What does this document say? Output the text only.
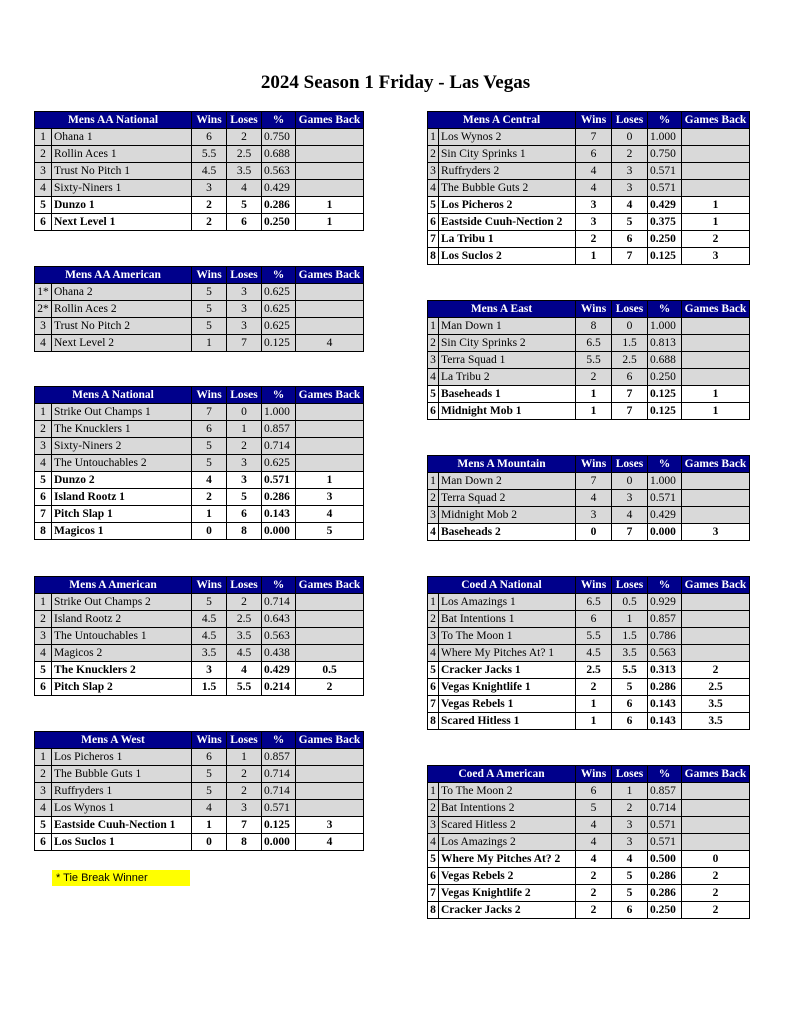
2024 Season 1 Friday - Las Vegas
Mens AA National		Wins	Loses	%	Games Back
1	Ohana 1	6	2	0.750	
2	Rollin Aces 1	5.5	2.5	0.688	
3	Trust No Pitch 1	4.5	3.5	0.563	
4	Sixty-Niners 1	3	4	0.429	
5	Dunzo 1	2	5	0.286	1
6	Next Level 1	2	6	0.250	1
Mens AA American		Wins	Loses	%	Games Back
1*	Ohana 2	5	3	0.625	
2*	Rollin Aces 2	5	3	0.625	
3	Trust No Pitch 2	5	3	0.625	
4	Next Level 2	1	7	0.125	4
Mens A National		Wins	Loses	%	Games Back
1	Strike Out Champs 1	7	0	1.000	
2	The Knucklers 1	6	1	0.857	
3	Sixty-Niners 2	5	2	0.714	
4	The Untouchables 2	5	3	0.625	
5	Dunzo 2	4	3	0.571	1
6	Island Rootz 1	2	5	0.286	3
7	Pitch Slap 1	1	6	0.143	4
8	Magicos 1	0	8	0.000	5
Mens A American		Wins	Loses	%	Games Back
1	Strike Out Champs 2	5	2	0.714	
2	Island Rootz 2	4.5	2.5	0.643	
3	The Untouchables 1	4.5	3.5	0.563	
4	Magicos 2	3.5	4.5	0.438	
5	The Knucklers 2	3	4	0.429	0.5
6	Pitch Slap 2	1.5	5.5	0.214	2
Mens A West		Wins	Loses	%	Games Back
1	Los Picheros 1	6	1	0.857	
2	The Bubble Guts 1	5	2	0.714	
3	Ruffryders 1	5	2	0.714	
4	Los Wynos 1	4	3	0.571	
5	Eastside Cuuh-Nection 1	1	7	0.125	3
6	Los Suclos 1	0	8	0.000	4
Mens A Central		Wins	Loses	%	Games Back
1	Los Wynos 2	7	0	1.000	
2	Sin City Sprinks 1	6	2	0.750	
3	Ruffryders 2	4	3	0.571	
4	The Bubble Guts 2	4	3	0.571	
5	Los Picheros 2	3	4	0.429	1
6	Eastside Cuuh-Nection 2	3	5	0.375	1
7	La Tribu 1	2	6	0.250	2
8	Los Suclos 2	1	7	0.125	3
Mens A East		Wins	Loses	%	Games Back
1	Man Down 1	8	0	1.000	
2	Sin City Sprinks 2	6.5	1.5	0.813	
3	Terra Squad 1	5.5	2.5	0.688	
4	La Tribu 2	2	6	0.250	
5	Baseheads 1	1	7	0.125	1
6	Midnight Mob 1	1	7	0.125	1
Mens A Mountain		Wins	Loses	%	Games Back
1	Man Down 2	7	0	1.000	
2	Terra Squad 2	4	3	0.571	
3	Midnight Mob 2	3	4	0.429	
4	Baseheads 2	0	7	0.000	3
Coed A National		Wins	Loses	%	Games Back
1	Los Amazings 1	6.5	0.5	0.929	
2	Bat Intentions 1	6	1	0.857	
3	To The Moon 1	5.5	1.5	0.786	
4	Where My Pitches At? 1	4.5	3.5	0.563	
5	Cracker Jacks 1	2.5	5.5	0.313	2
6	Vegas Knightlife 1	2	5	0.286	2.5
7	Vegas Rebels 1	1	6	0.143	3.5
8	Scared Hitless 1	1	6	0.143	3.5
Coed A American		Wins	Loses	%	Games Back
1	To The Moon 2	6	1	0.857	
2	Bat Intentions 2	5	2	0.714	
3	Scared Hitless 2	4	3	0.571	
4	Los Amazings 2	4	3	0.571	
5	Where My Pitches At? 2	4	4	0.500	0
6	Vegas Rebels 2	2	5	0.286	2
7	Vegas Knightlife 2	2	5	0.286	2
8	Cracker Jacks 2	2	6	0.250	2
* Tie Break Winner
